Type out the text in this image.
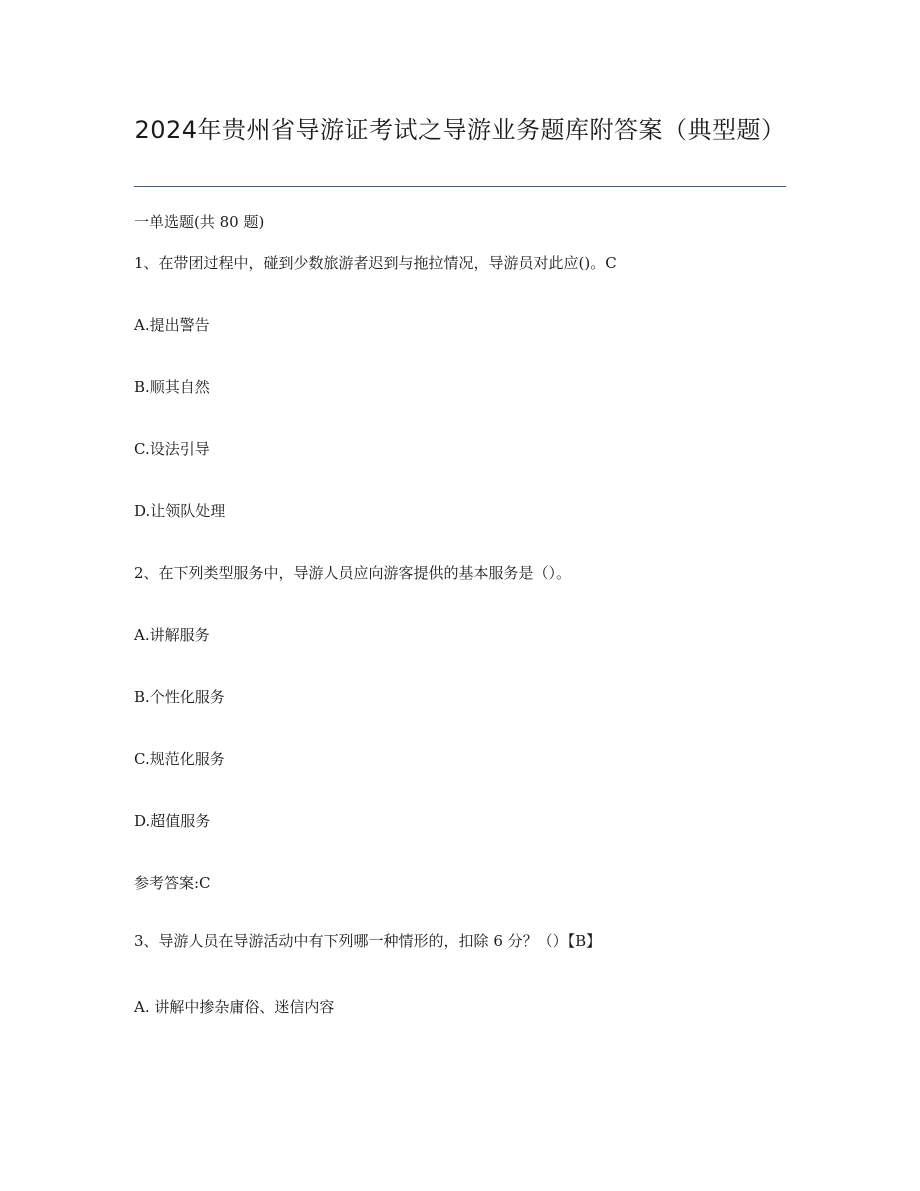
2024年贵州省导游证考试之导游业务题库附答案（典型题）
一单选题(共 80 题)
1、在带团过程中，碰到少数旅游者迟到与拖拉情况，导游员对此应()。C
A.提出警告
B.顺其自然
C.设法引导
D.让领队处理
2、在下列类型服务中，导游人员应向游客提供的基本服务是（）。
A.讲解服务
B.个性化服务
C.规范化服务
D.超值服务
参考答案:C
3、导游人员在导游活动中有下列哪一种情形的，扣除 6 分？（）【B】
A. 讲解中掺杂庸俗、迷信内容
